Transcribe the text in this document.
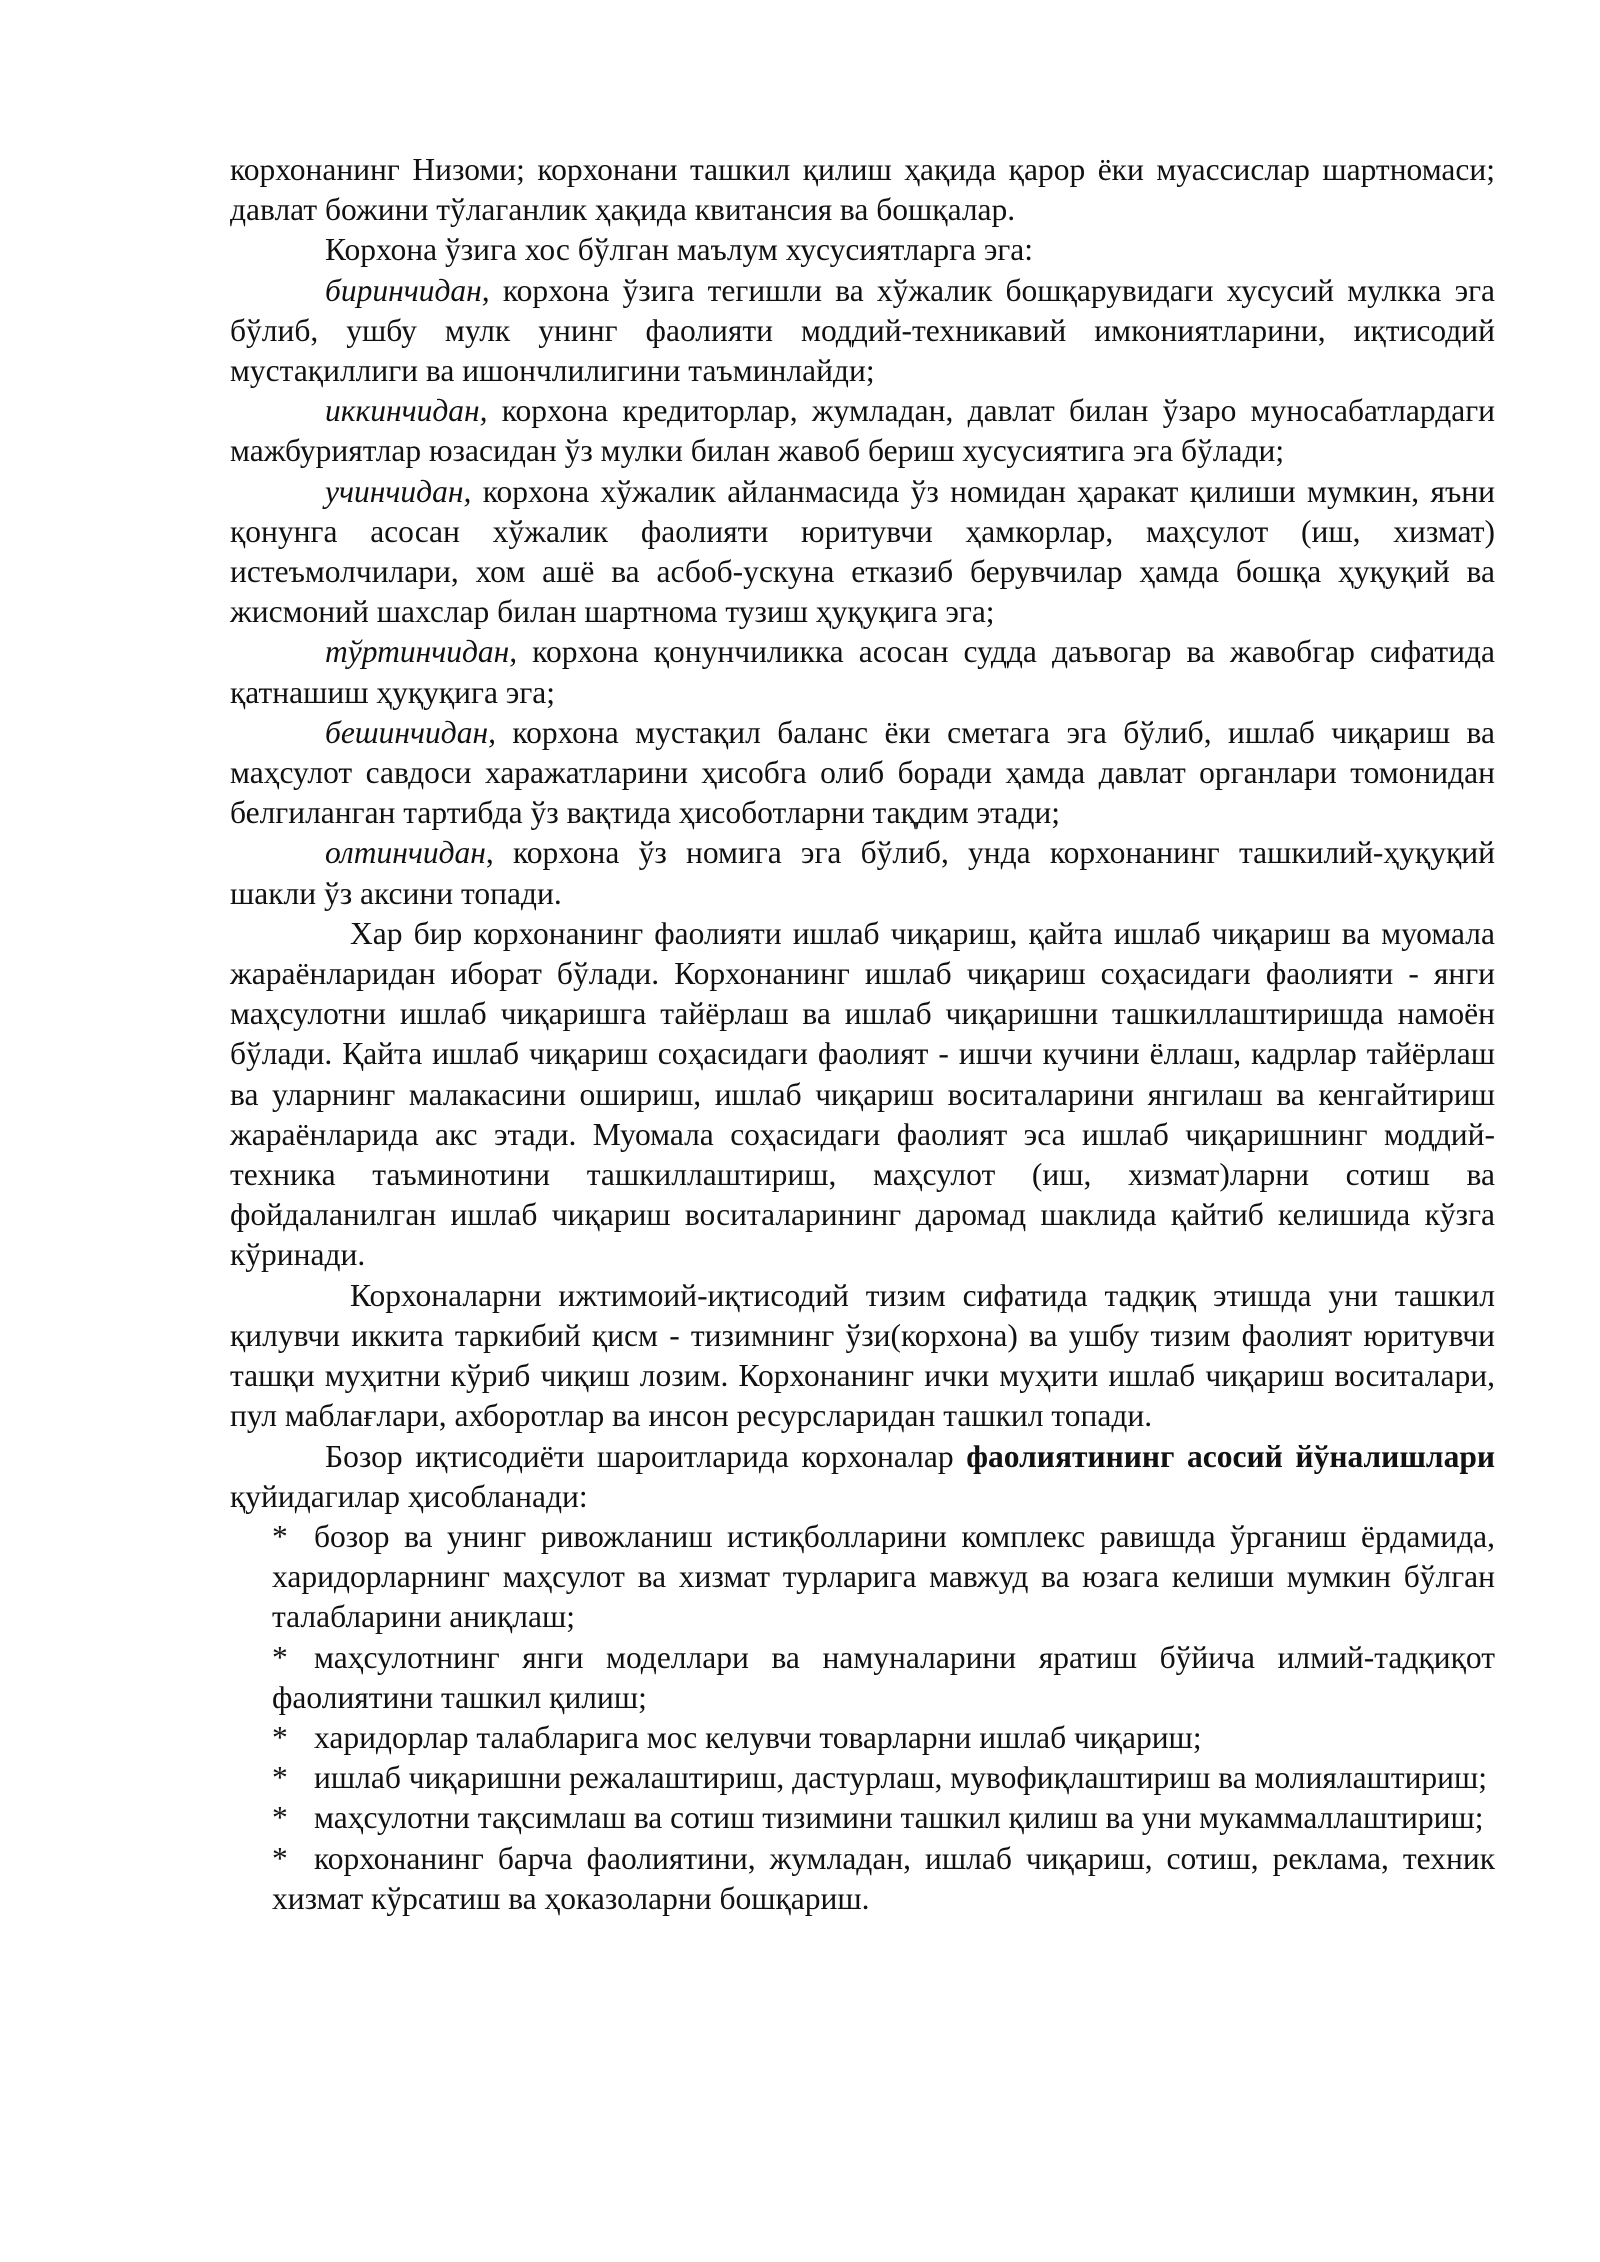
корхонанинг Низоми; корхонани ташкил қилиш ҳақида қарор ёки муассислар шартномаси; давлат божини тўлаганлик ҳақида квитансия ва бошқалар.

Корхона ўзига хос бўлган маълум хусусиятларга эга:

биринчидан, корхона ўзига тегишли ва хўжалик бошқарувидаги хусусий мулкка эга бўлиб, ушбу мулк унинг фаолияти моддий-техникавий имкониятларини, иқтисодий мустақиллиги ва ишончлилигини таъминлайди;

иккинчидан, корхона кредиторлар, жумладан, давлат билан ўзаро муносабатлардаги мажбуриятлар юзасидан ўз мулки билан жавоб бериш хусусиятига эга бўлади;

учинчидан, корхона хўжалик айланмасида ўз номидан ҳаракат қилиши мумкин, яъни қонунга асосан хўжалик фаолияти юритувчи ҳамкорлар, маҳсулот (иш, хизмат) истеъмолчилари, хом ашё ва асбоб-ускуна етказиб берувчилар ҳамда бошқа ҳуқуқий ва жисмоний шахслар билан шартнома тузиш ҳуқуқига эга;

тўртинчидан, корхона қонунчиликка асосан судда даъвогар ва жавобгар сифатида қатнашиш ҳуқуқига эга;

бешинчидан, корхона мустақил баланс ёки сметага эга бўлиб, ишлаб чиқариш ва маҳсулот савдоси харажатларини ҳисобга олиб боради ҳамда давлат органлари томонидан белгиланган тартибда ўз вақтида ҳисоботларни тақдим этади;

олтинчидан, корхона ўз номига эга бўлиб, унда корхонанинг ташкилий-ҳуқуқий шакли ўз аксини топади.

Хар бир корхонанинг фаолияти ишлаб чиқариш, қайта ишлаб чиқариш ва муомала жараёнларидан иборат бўлади. Корхонанинг ишлаб чиқариш соҳасидаги фаолияти - янги маҳсулотни ишлаб чиқаришга тайёрлаш ва ишлаб чиқаришни ташкиллаштиришда намоён бўлади. Қайта ишлаб чиқариш соҳасидаги фаолият - ишчи кучини ёллаш, кадрлар тайёрлаш ва уларнинг малакасини ошириш, ишлаб чиқариш воситаларини янгилаш ва кенгайтириш жараёнларида акс этади. Муомала соҳасидаги фаолият эса ишлаб чиқаришнинг моддий-техника таъминотини ташкиллаштириш, маҳсулот (иш, хизмат)ларни сотиш ва фойдаланилган ишлаб чиқариш воситаларининг даромад шаклида қайтиб келишида кўзга кўринади.

Корхоналарни ижтимоий-иқтисодий тизим сифатида тадқиқ этишда уни ташкил қилувчи иккита таркибий қисм - тизимнинг ўзи(корхона) ва ушбу тизим фаолият юритувчи ташқи муҳитни кўриб чиқиш лозим. Корхонанинг ички муҳити ишлаб чиқариш воситалари, пул маблағлари, ахборотлар ва инсон ресурсларидан ташкил топади.

Бозор иқтисодиёти шароитларида корхоналар фаолиятининг асосий йўналишлари қуйидагилар ҳисобланади:

* бозор ва унинг ривожланиш истиқболларини комплекс равишда ўрганиш ёрдамида, харидорларнинг маҳсулот ва хизмат турларига мавжуд ва юзага келиши мумкин бўлган талабларини аниқлаш;

* маҳсулотнинг янги моделлари ва намуналарини яратиш бўйича илмий-тадқиқот фаолиятини ташкил қилиш;

* харидорлар талабларига мос келувчи товарларни ишлаб чиқариш;

* ишлаб чиқаришни режалаштириш, дастурлаш, мувофиқлаштириш ва молиялаштириш;

* маҳсулотни тақсимлаш ва сотиш тизимини ташкил қилиш ва уни мукаммаллаштириш;

* корхонанинг барча фаолиятини, жумладан, ишлаб чиқариш, сотиш, реклама, техник хизмат кўрсатиш ва ҳоказоларни бошқариш.
